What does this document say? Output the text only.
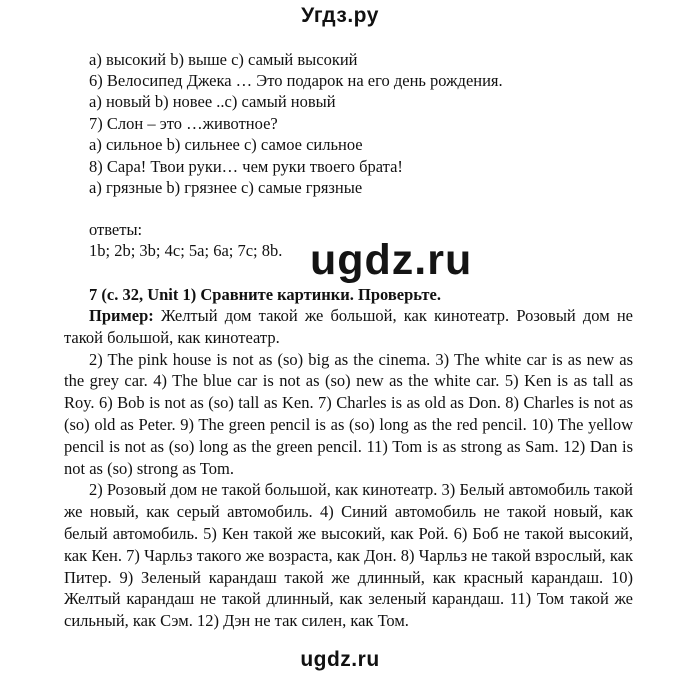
Угдз.ру
а) высокий b) выше c) самый высокий
6) Велосипед Джека … Это подарок на его день рождения.
а) новый b) новее ..c) самый новый
7) Слон – это …животное?
а) сильное b) сильнее c) самое сильное
8) Сара! Твои руки… чем руки твоего брата!
а) грязные b) грязнее c) самые грязные
ответы:
1b; 2b; 3b; 4c; 5a; 6a; 7c; 8b. ugdz.ru
7 (с. 32, Unit 1) Сравните картинки. Проверьте.

Пример: Желтый дом такой же большой, как кинотеатр. Розовый дом не такой большой, как кинотеатр.

2) The pink house is not as (so) big as the cinema. 3) The white car is as new as the grey car. 4) The blue car is not as (so) new as the white car. 5) Ken is as tall as Roy. 6) Bob is not as (so) tall as Ken. 7) Charles is as old as Don. 8) Charles is not as (so) old as Peter. 9) The green pencil is as (so) long as the red pencil. 10) The yellow pencil is not as (so) long as the green pencil. 11) Tom is as strong as Sam. 12) Dan is not as (so) strong as Tom.

2) Розовый дом не такой большой, как кинотеатр. 3) Белый автомобиль такой же новый, как серый автомобиль. 4) Синий автомобиль не такой новый, как белый автомобиль. 5) Кен такой же высокий, как Рой. 6) Боб не такой высокий, как Кен. 7) Чарльз такого же возраста, как Дон. 8) Чарльз не такой взрослый, как Питер. 9) Зеленый карандаш такой же длинный, как красный карандаш. 10) Желтый карандаш не такой длинный, как зеленый карандаш. 11) Том такой же сильный, как Сэм. 12) Дэн не так силен, как Том.

ugdz.ru
